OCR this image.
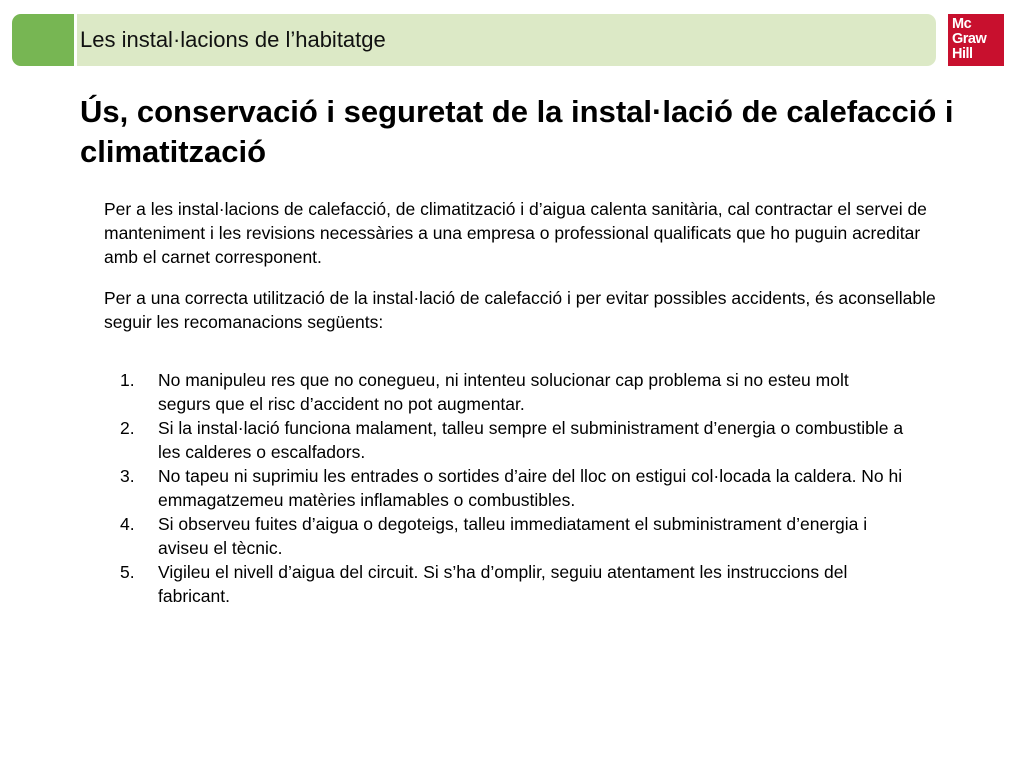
Les instal·lacions de l’habitatge
Mc
Graw
Hill
Ús, conservació i seguretat de la instal·lació de calefacció i climatització

Per a les instal·lacions de calefacció, de climatització i d’aigua calenta sanitària, cal contractar el servei de manteniment i les revisions necessàries a una empresa o professional qualificats que ho puguin acreditar amb el carnet corresponent.

Per a una correcta utilització de la instal·lació de calefacció i per evitar possibles accidents, és aconsellable seguir les recomanacions següents:

1. No manipuleu res que no conegueu, ni intenteu solucionar cap problema si no esteu molt segurs que el risc d’accident no pot augmentar.
2. Si la instal·lació funciona malament, talleu sempre el subministrament d’energia o combustible a les calderes o escalfadors.
3. No tapeu ni suprimiu les entrades o sortides d’aire del lloc on estigui col·locada la caldera. No hi emmagatzemeu matèries inflamables o combustibles.
4. Si observeu fuites d’aigua o degoteigs, talleu immediatament el subministrament d’energia i aviseu el tècnic.
5. Vigileu el nivell d’aigua del circuit. Si s’ha d’omplir, seguiu atentament les instruccions del fabricant.
